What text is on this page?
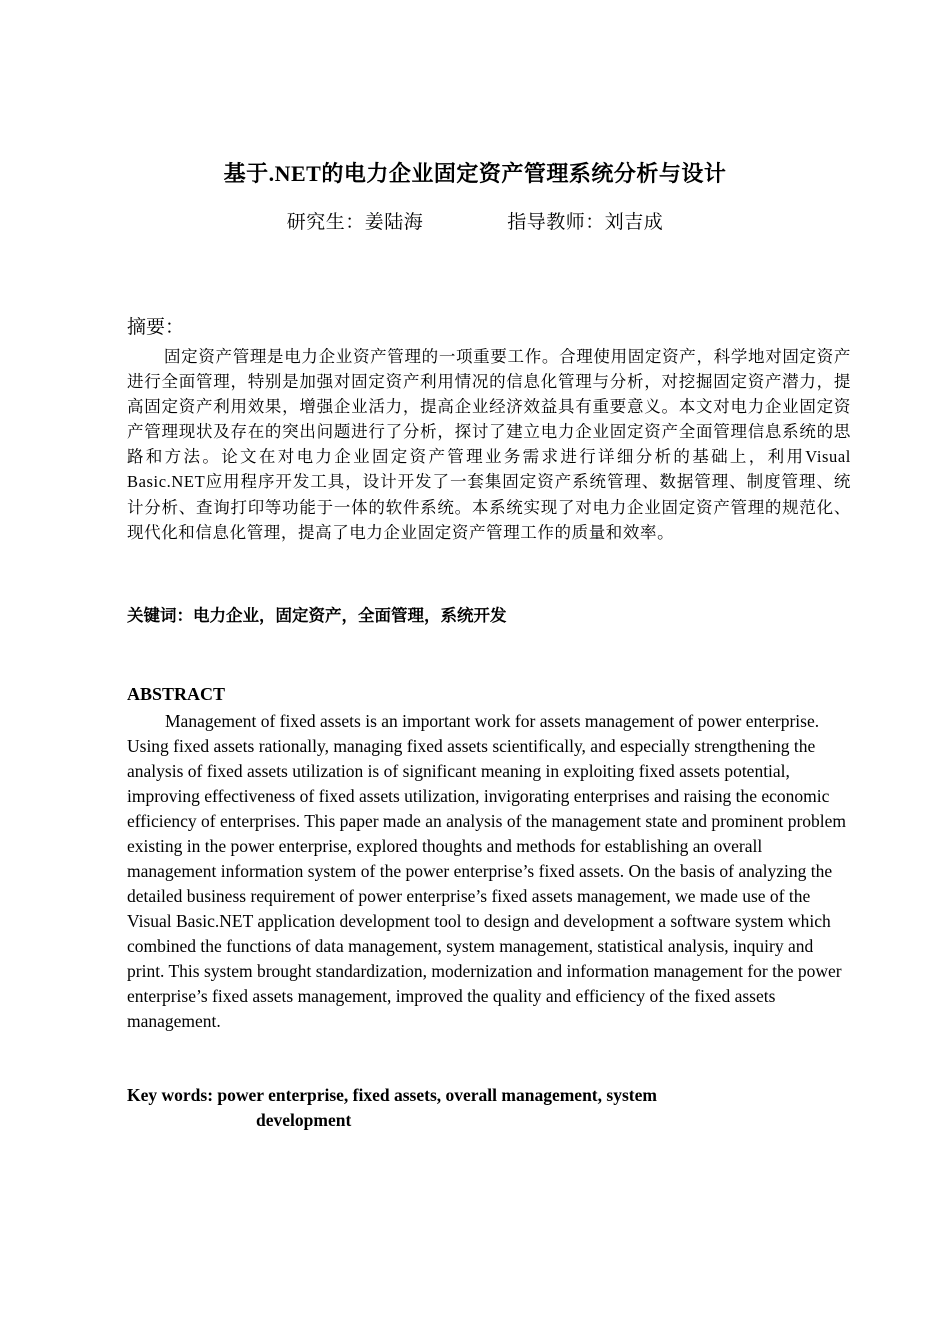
基于.NET的电力企业固定资产管理系统分析与设计
研究生：姜陆海	指导教师：刘吉成
摘要：
固定资产管理是电力企业资产管理的一项重要工作。合理使用固定资产，科学地对固定资产进行全面管理，特别是加强对固定资产利用情况的信息化管理与分析，对挖掘固定资产潜力，提高固定资产利用效果，增强企业活力，提高企业经济效益具有重要意义。本文对电力企业固定资产管理现状及存在的突出问题进行了分析，探讨了建立电力企业固定资产全面管理信息系统的思路和方法。论文在对电力企业固定资产管理业务需求进行详细分析的基础上，利用Visual Basic.NET应用程序开发工具，设计开发了一套集固定资产系统管理、数据管理、制度管理、统计分析、查询打印等功能于一体的软件系统。本系统实现了对电力企业固定资产管理的规范化、现代化和信息化管理，提高了电力企业固定资产管理工作的质量和效率。
关键词：电力企业，固定资产，全面管理，系统开发
ABSTRACT
Management of fixed assets is an important work for assets management of power enterprise. Using fixed assets rationally, managing fixed assets scientifically, and especially strengthening the analysis of fixed assets utilization is of significant meaning in exploiting fixed assets potential, improving effectiveness of fixed assets utilization, invigorating enterprises and raising the economic efficiency of enterprises. This paper made an analysis of the management state and prominent problem existing in the power enterprise, explored thoughts and methods for establishing an overall management information system of the power enterprise’s fixed assets. On the basis of analyzing the detailed business requirement of power enterprise’s fixed assets management, we made use of the Visual Basic.NET application development tool to design and development a software system which combined the functions of data management, system management, statistical analysis, inquiry and print. This system brought standardization, modernization and information management for the power enterprise’s fixed assets management, improved the quality and efficiency of the fixed assets management.
Key words: power enterprise, fixed assets, overall management, system
development
